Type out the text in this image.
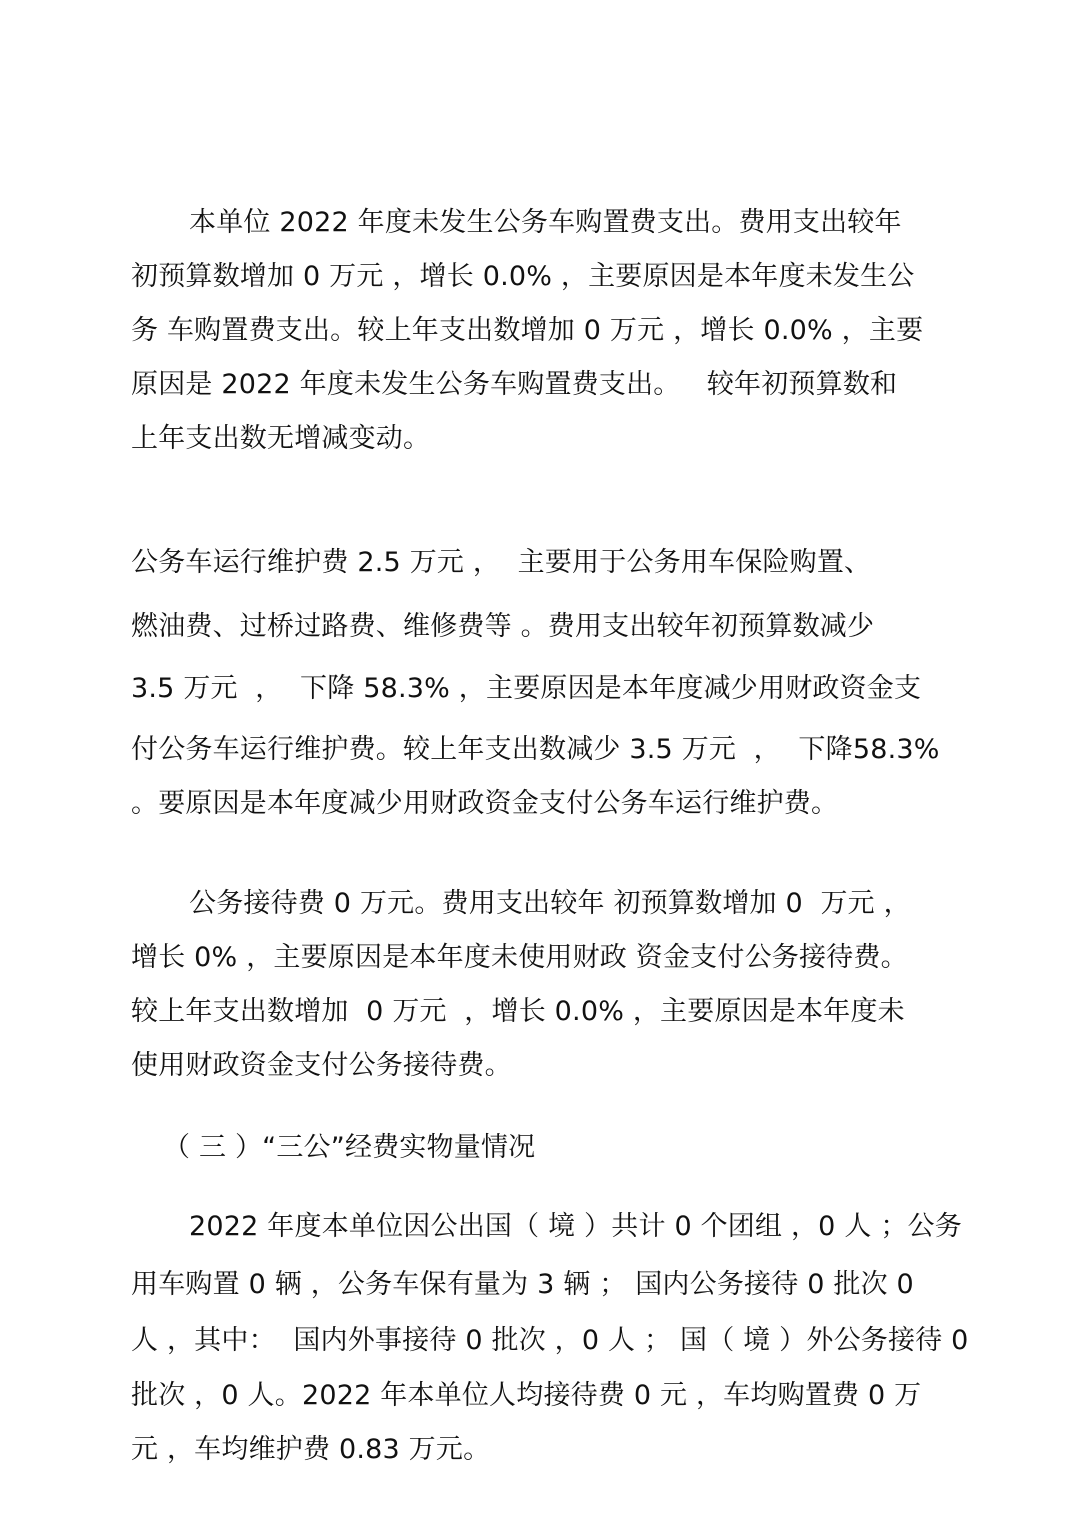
本单位 2022 年度未发生公务车购置费支出。费用支出较年

初预算数增加 0 万元 ，增长 0.0% ，主要原因是本年度未发生公

务 车购置费支出。较上年支出数增加 0 万元 ，增长 0.0% ，主要

原因是 2022 年度未发生公务车购置费支出。   较年初预算数和

上年支出数无增减变动。

公务车运行维护费 2.5 万元 ，  主要用于公务用车保险购置、

燃油费、过桥过路费、维修费等 。费用支出较年初预算数减少

3.5 万元  ，  下降 58.3% ，主要原因是本年度减少用财政资金支

付公务车运行维护费。较上年支出数减少 3.5 万元  ，  下降58.3%

。要原因是本年度减少用财政资金支付公务车运行维护费。

公务接待费 0 万元。费用支出较年 初预算数增加 0  万元 ，

增长 0% ，主要原因是本年度未使用财政 资金支付公务接待费。

较上年支出数增加  0 万元  ，增长 0.0% ，主要原因是本年度未

使用财政资金支付公务接待费。

（ 三 ）“三公”经费实物量情况

2022 年度本单位因公出国（ 境 ）共计 0 个团组 ，0 人 ；公务

用车购置 0 辆 ，公务车保有量为 3 辆 ； 国内公务接待 0 批次 0

人 ，其中：  国内外事接待 0 批次 ，0 人 ； 国（ 境 ）外公务接待 0

批次 ，0 人。2022 年本单位人均接待费 0 元 ，车均购置费 0 万

元 ，车均维护费 0.83 万元。
